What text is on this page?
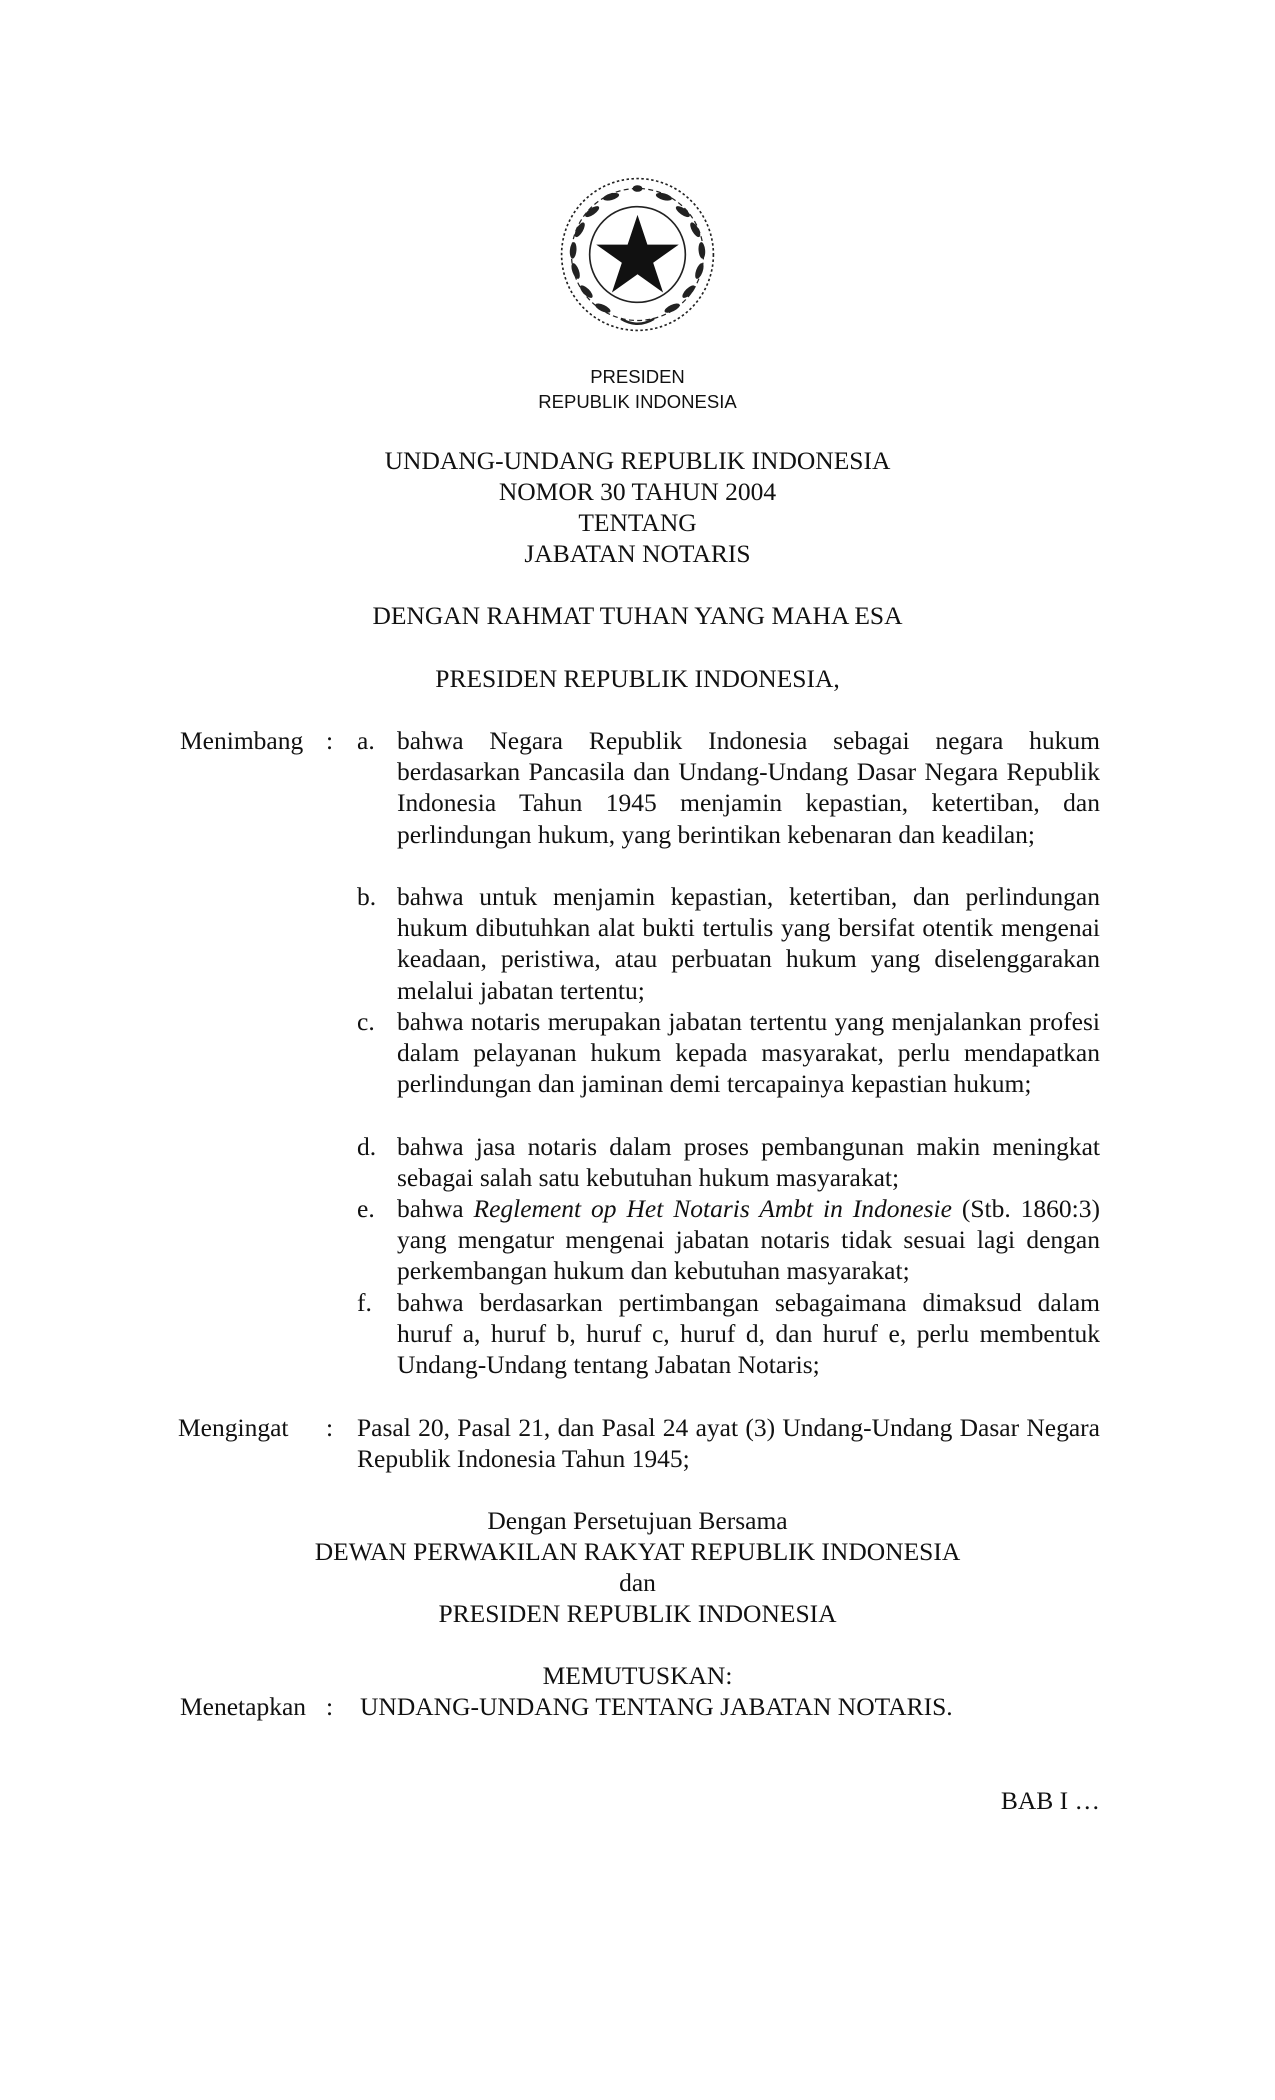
PRESIDEN
REPUBLIK INDONESIA
UNDANG-UNDANG REPUBLIK INDONESIA
NOMOR 30 TAHUN 2004
TENTANG
JABATAN NOTARIS
DENGAN RAHMAT TUHAN YANG MAHA ESA
PRESIDEN REPUBLIK INDONESIA,
Menimbang : a. bahwa Negara Republik Indonesia sebagai negara hukum berdasarkan Pancasila dan Undang-Undang Dasar Negara Republik Indonesia Tahun 1945 menjamin kepastian, ketertiban, dan perlindungan hukum, yang berintikan kebenaran dan keadilan;
b. bahwa untuk menjamin kepastian, ketertiban, dan perlindungan hukum dibutuhkan alat bukti tertulis yang bersifat otentik mengenai keadaan, peristiwa, atau perbuatan hukum yang diselenggarakan melalui jabatan tertentu;
c. bahwa notaris merupakan jabatan tertentu yang menjalankan profesi dalam pelayanan hukum kepada masyarakat, perlu mendapatkan perlindungan dan jaminan demi tercapainya kepastian hukum;
d. bahwa jasa notaris dalam proses pembangunan makin meningkat sebagai salah satu kebutuhan hukum masyarakat;
e. bahwa Reglement op Het Notaris Ambt in Indonesie (Stb. 1860:3) yang mengatur mengenai jabatan notaris tidak sesuai lagi dengan perkembangan hukum dan kebutuhan masyarakat;
f. bahwa berdasarkan pertimbangan sebagaimana dimaksud dalam huruf a, huruf b, huruf c, huruf d, dan huruf e, perlu membentuk Undang-Undang tentang Jabatan Notaris;
Mengingat : Pasal 20, Pasal 21, dan Pasal 24 ayat (3) Undang-Undang Dasar Negara Republik Indonesia Tahun 1945;
Dengan Persetujuan Bersama
DEWAN PERWAKILAN RAKYAT REPUBLIK INDONESIA
dan
PRESIDEN REPUBLIK INDONESIA
MEMUTUSKAN:
Menetapkan : UNDANG-UNDANG TENTANG JABATAN NOTARIS.
BAB I …
